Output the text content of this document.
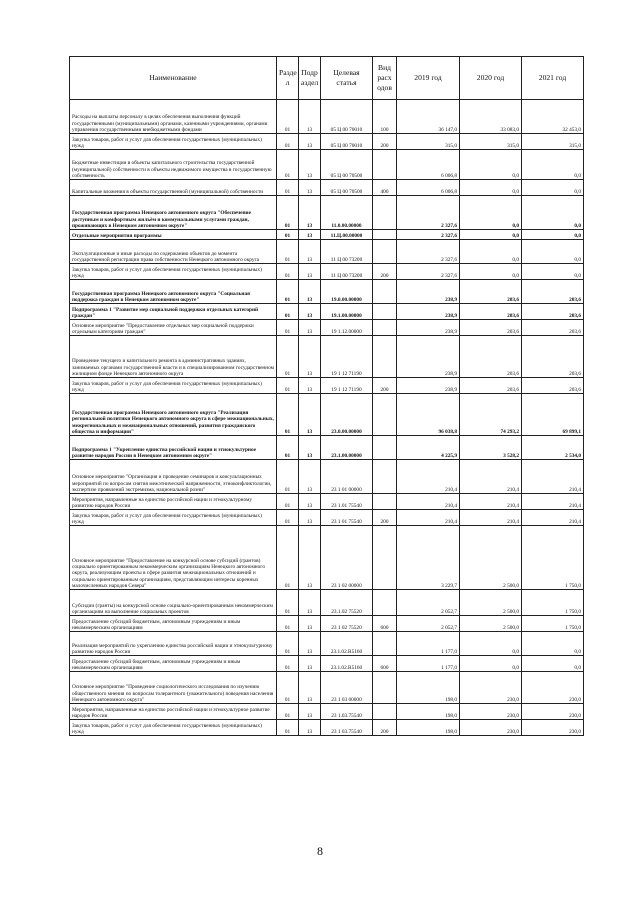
Наименование	Разде л	Подр аздел	Целевая статья	Вид расх одов	2019 год	2020 год	2021 год
Расходы на выплаты персоналу в целях обеспечения выполнения функций государственными (муниципальными) органами, казенными учреждениями, органами управления государственными внебюджетными фондами	01	13	05 Ц 00 70010	100	36 147,0	33 083,0	32 453,0
Закупка товаров, работ и услуг для обеспечения государственных (муниципальных) нужд	01	13	05 Ц 00 70010	200	315,0	315,0	315,0
Бюджетные инвестиции в объекты капитального строительства государственной (муниципальной) собственности в объекты недвижимого имущества в государственную собственность	01	13	05 Ц 00 70500		6 006,8	0,0	0,0
Капитальные вложения в объекты государственной (муниципальной) собственности	01	13	05 Ц 00 70500	400	6 006,8	0,0	0,0
Государственная программа Ненецкого автономного округа "Обеспечение доступным и комфортным жильём и коммунальными услугами граждан, проживающих в Ненецком автономном округе"	01	13	11.0.00.00000		2 327,6	0,0	0,0
Отдельные мероприятия программы	01	13	11.Ц.00.00000		2 327,6	0,0	0,0
Эксплуатационные и иные расходы по содержанию объектов до момента государственной регистрации права собственности Ненецкого автономного округа	01	13	11 Ц 00 73200		2 327,6	0,0	0,0
Закупка товаров, работ и услуг для обеспечения государственных (муниципальных) нужд	01	13	11 Ц 00 73200	200	2 327,6	0,0	0,0
Государственная программа Ненецкого автономного округа "Социальная поддержка граждан в Ненецком автономном округе"	01	13	19.0.00.00000		238,9	203,6	203,6
Подпрограмма 1 "Развитие мер социальной поддержки отдельных категорий граждан"	01	13	19.1.00.00000		238,9	203,6	203,6
Основное мероприятие "Предоставление отдельных мер социальной поддержки отдельным категориям граждан"	01	13	19 1.12.00000		238,9	203,6	203,6
Проведение текущего и капитального ремонта в административных зданиях, занимаемых органами государственной власти и в специализированном государственном жилищном фонде Ненецкого автономного округа	01	13	19 1 12 71190		238,9	203,6	203,6
Закупка товаров, работ и услуг для обеспечения государственных (муниципальных) нужд	01	13	19 1 12 71190	200	238,9	203,6	203,6
Государственная программа Ненецкого автономного округа "Реализация региональной политики Ненецкого автономного округа в сфере межнациональных, межрегиональных и межнациональных отношений, развития гражданского общества и информации"	01	13	23.0.00.00000		96 038,8	74 293,2	69 899,1
Подпрограмма 1 "Укрепление единства российской нации и этнокультурное развитие народов России в Ненецком автономном округе"	01	13	23.1.00.00000		4 225,9	3 528,2	2 534,0
Основное мероприятие "Организация и проведение семинаров и консультационных мероприятий по вопросам снятия межэтнической напряженности, этноконфликтологии, экспертизе проявлений экстремизма, национальной розни"	01	13	23 1 01 00000		210,4	210,4	210,4
Мероприятия, направленные на единство российской нации и этнокультурному развитию народов России	01	13	23 1.01 75540		210,4	210,4	210,4
Закупка товаров, работ и услуг для обеспечения государственных (муниципальных) нужд	01	13	23 1 01 75540	200	210,4	210,4	210,4
Основное мероприятие "Предоставление на конкурсной основе субсидий (грантов) социально ориентированным некоммерческим организациям Ненецкого автономного округа, реализующим проекты в сфере развития межнациональных отношений и социально ориентированным организациям, представляющим интересы коренных малочисленных народов Севера"	01	13	23 1 02 00000		3 229,7	2 500,0	1 750,0
Субсидии (гранты) на конкурсной основе социально-ориентированным некоммерческим организациям на выполнение социальных проектов	01	13	23.1.02 75520		2 052,7	2 500,0	1 750,0
Предоставление субсидий бюджетным, автономным учреждениям и иным некоммерческим организациям	01	13	23 1 02 75520	600	2 052,7	2 500,0	1 750,0
Реализация мероприятий по укреплению единства российской нации и этнокультурному развитию народов России	01	13	23.1.02.R5160		1 177,0	0,0	0,0
Предоставление субсидий бюджетным, автономным учреждениям и иным некоммерческим организациям	01	13	23.1.02.R5160	600	1 177,0	0,0	0,0
Основное мероприятие "Проведение социологического исследования по изучению общественного мнения по вопросам толерантного (уважительного) поведения населения Ненецкого автономного округа"	01	13	23 1 03 00000		198,0	230,0	230,0
Мероприятия, направленные на единство российской нации и этнокультурное развитие народов России	01	13	23 1.03.75540		198,0	230,0	230,0
Закупка товаров, работ и услуг для обеспечения государственных (муниципальных) нужд	01	13	23 1 03.75540	200	198,0	230,0	230,0
8
